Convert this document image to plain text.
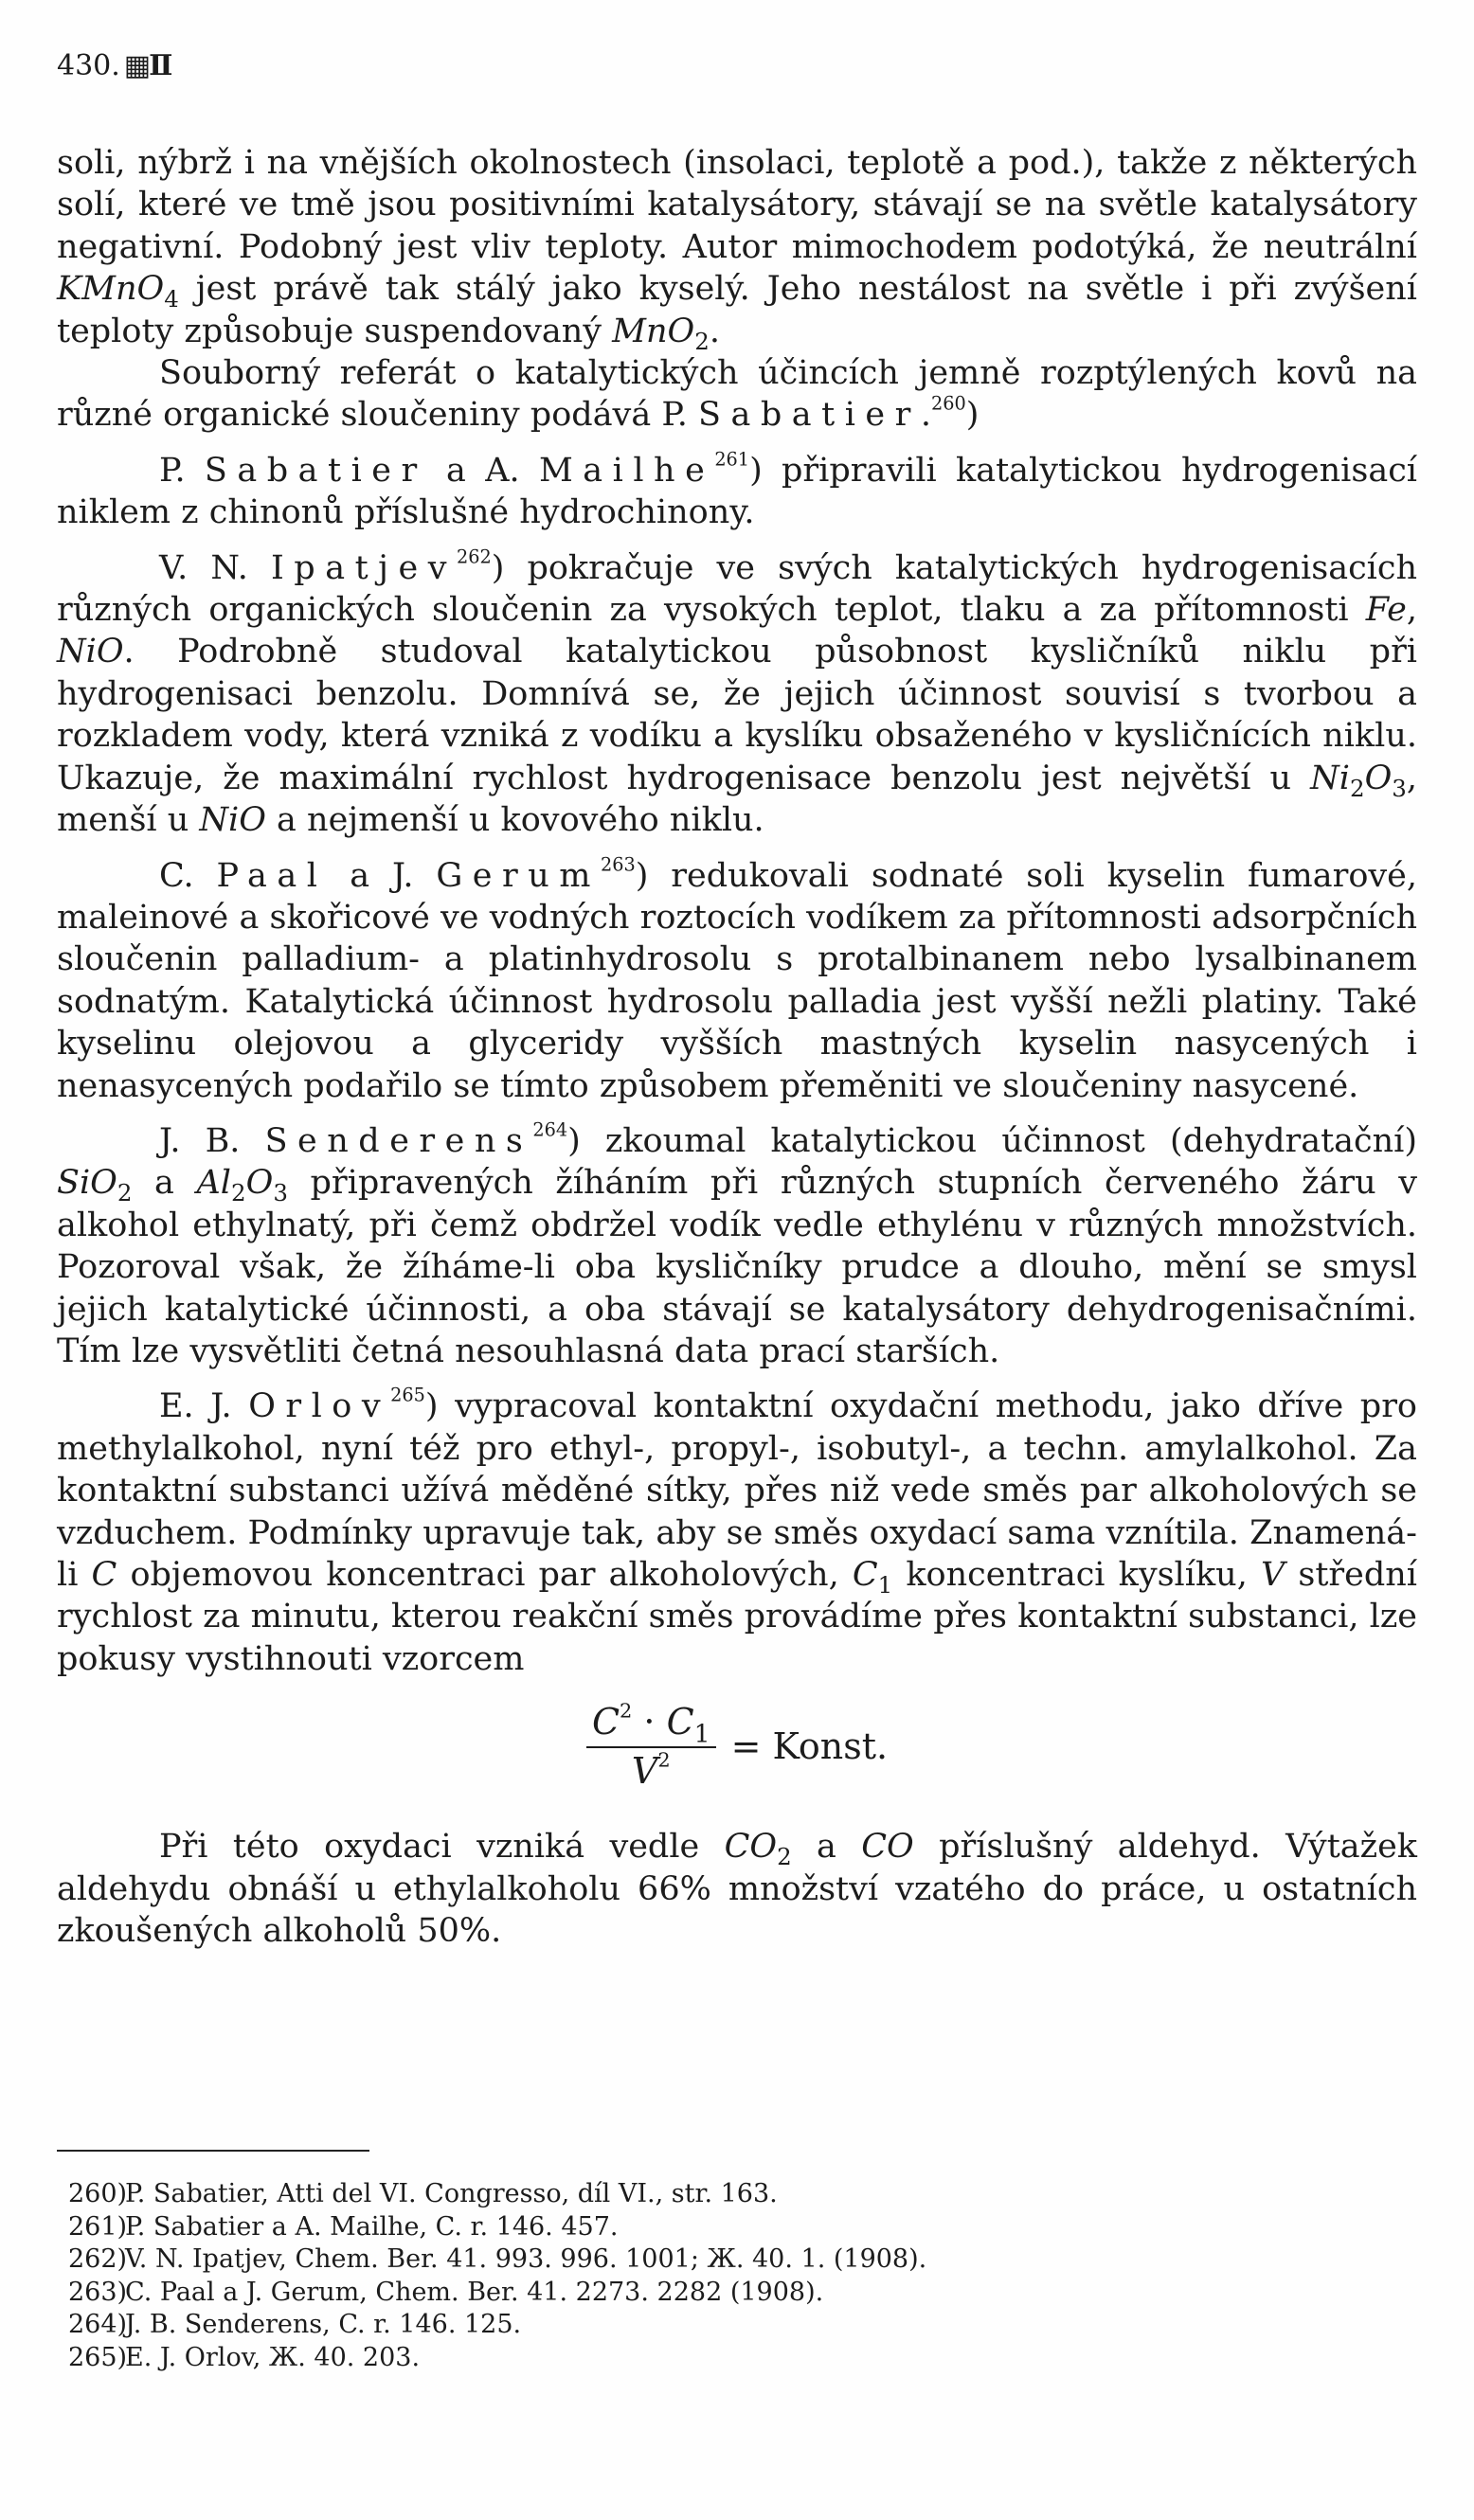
430. ▦Ⅱ

soli, nýbrž i na vnějších okolnostech (insolaci, teplotě a pod.), takže z některých solí, které ve tmě jsou positivními katalysátory, stávají se na světle katalysátory negativní. Podobný jest vliv teploty. Autor mimochodem podotýká, že neutrální KMnO$_4$ jest právě tak stálý jako kyselý. Jeho nestálost na světle i při zvýšení teploty způsobuje suspendovaný MnO$_2$.

Souborný referát o katalytických účincích jemně rozptýlených kovů na různé organické sloučeniny podává P. Sabatier.$^{260}$)

P. Sabatier a A. Mailhe$^{261}$) připravili katalytickou hydrogenisací niklem z chinonů příslušné hydrochinony.

V. N. Ipatjev$^{262}$) pokračuje ve svých katalytických hydrogenisacích různých organických sloučenin za vysokých teplot, tlaku a za přítomnosti Fe, NiO. Podrobně studoval katalytickou působnost kysličníků niklu při hydrogenisaci benzolu. Domnívá se, že jejich účinnost souvisí s tvorbou a rozkladem vody, která vzniká z vodíku a kyslíku obsaženého v kysličnících niklu. Ukazuje, že maximální rychlost hydrogenisace benzolu jest největší u $Ni_2O_3$, menší u NiO a nejmenší u kovového niklu.

C. Paal a J. Gerum$^{263}$) redukovali sodnaté soli kyselin fumarové, maleinové a skořicové ve vodných roztocích vodíkem za přítomnosti adsorpčních sloučenin palladium- a platinhydrosolu s protalbinanem nebo lysalbinanem sodnatým. Katalytická účinnost hydrosolu palladia jest vyšší nežli platiny. Také kyselinu olejovou a glyceridy vyšších mastných kyselin nasycených i nenasycených podařilo se tímto způsobem přeměniti ve sloučeniny nasycené.

J. B. Senderens$^{264}$) zkoumal katalytickou účinnost (dehydratační) SiO$_2$ a $Al_2O_3$ připravených žíháním při různých stupních červeného žáru v alkohol ethylnatý, při čemž obdržel vodík vedle ethylénu v různých množstvích. Pozoroval však, že žíháme-li oba kysličníky prudce a dlouho, mění se smysl jejich katalytické účinnosti, a oba stávají se katalysátory dehydrogenisačními. Tím lze vysvětliti četná nesouhlasná data prací starších.

E. J. Orlov$^{265}$) vypracoval kontaktní oxydační methodu, jako dříve pro methylalkohol, nyní též pro ethyl-, propyl-, isobutyl-, a techn. amylalkohol. Za kontaktní substanci užívá měděné sítky, přes niž vede směs par alkoholových se vzduchem. Podmínky upravuje tak, aby se směs oxydací sama vznítila. Znamená-li C objemovou koncentraci par alkoholových, $C_1$ koncentraci kyslíku, V střední rychlost za minutu, kterou reakční směs provádíme přes kontaktní substanci, lze pokusy vystihnouti vzorcem

$\frac{C^2 \cdot C_1}{V^2}$ = Konst.

Při této oxydaci vzniká vedle $CO_2$ a CO příslušný aldehyd. Výtažek aldehydu obnáší u ethylalkoholu 66% množství vzatého do práce, u ostatních zkoušených alkoholů 50%.

260)P. Sabatier, Atti del VI. Congresso, díl VI., str. 163.

261)P. Sabatier a A. Mailhe, C. r. 146. 457.

262)V. N. Ipatjev, Chem. Ber. 41. 993. 996. 1001; Ж. 40. 1. (1908).

263)C. Paal a J. Gerum, Chem. Ber. 41. 2273. 2282 (1908).

264)J. B. Senderens, C. r. 146. 125.

265)E. J. Orlov, Ж. 40. 203.
